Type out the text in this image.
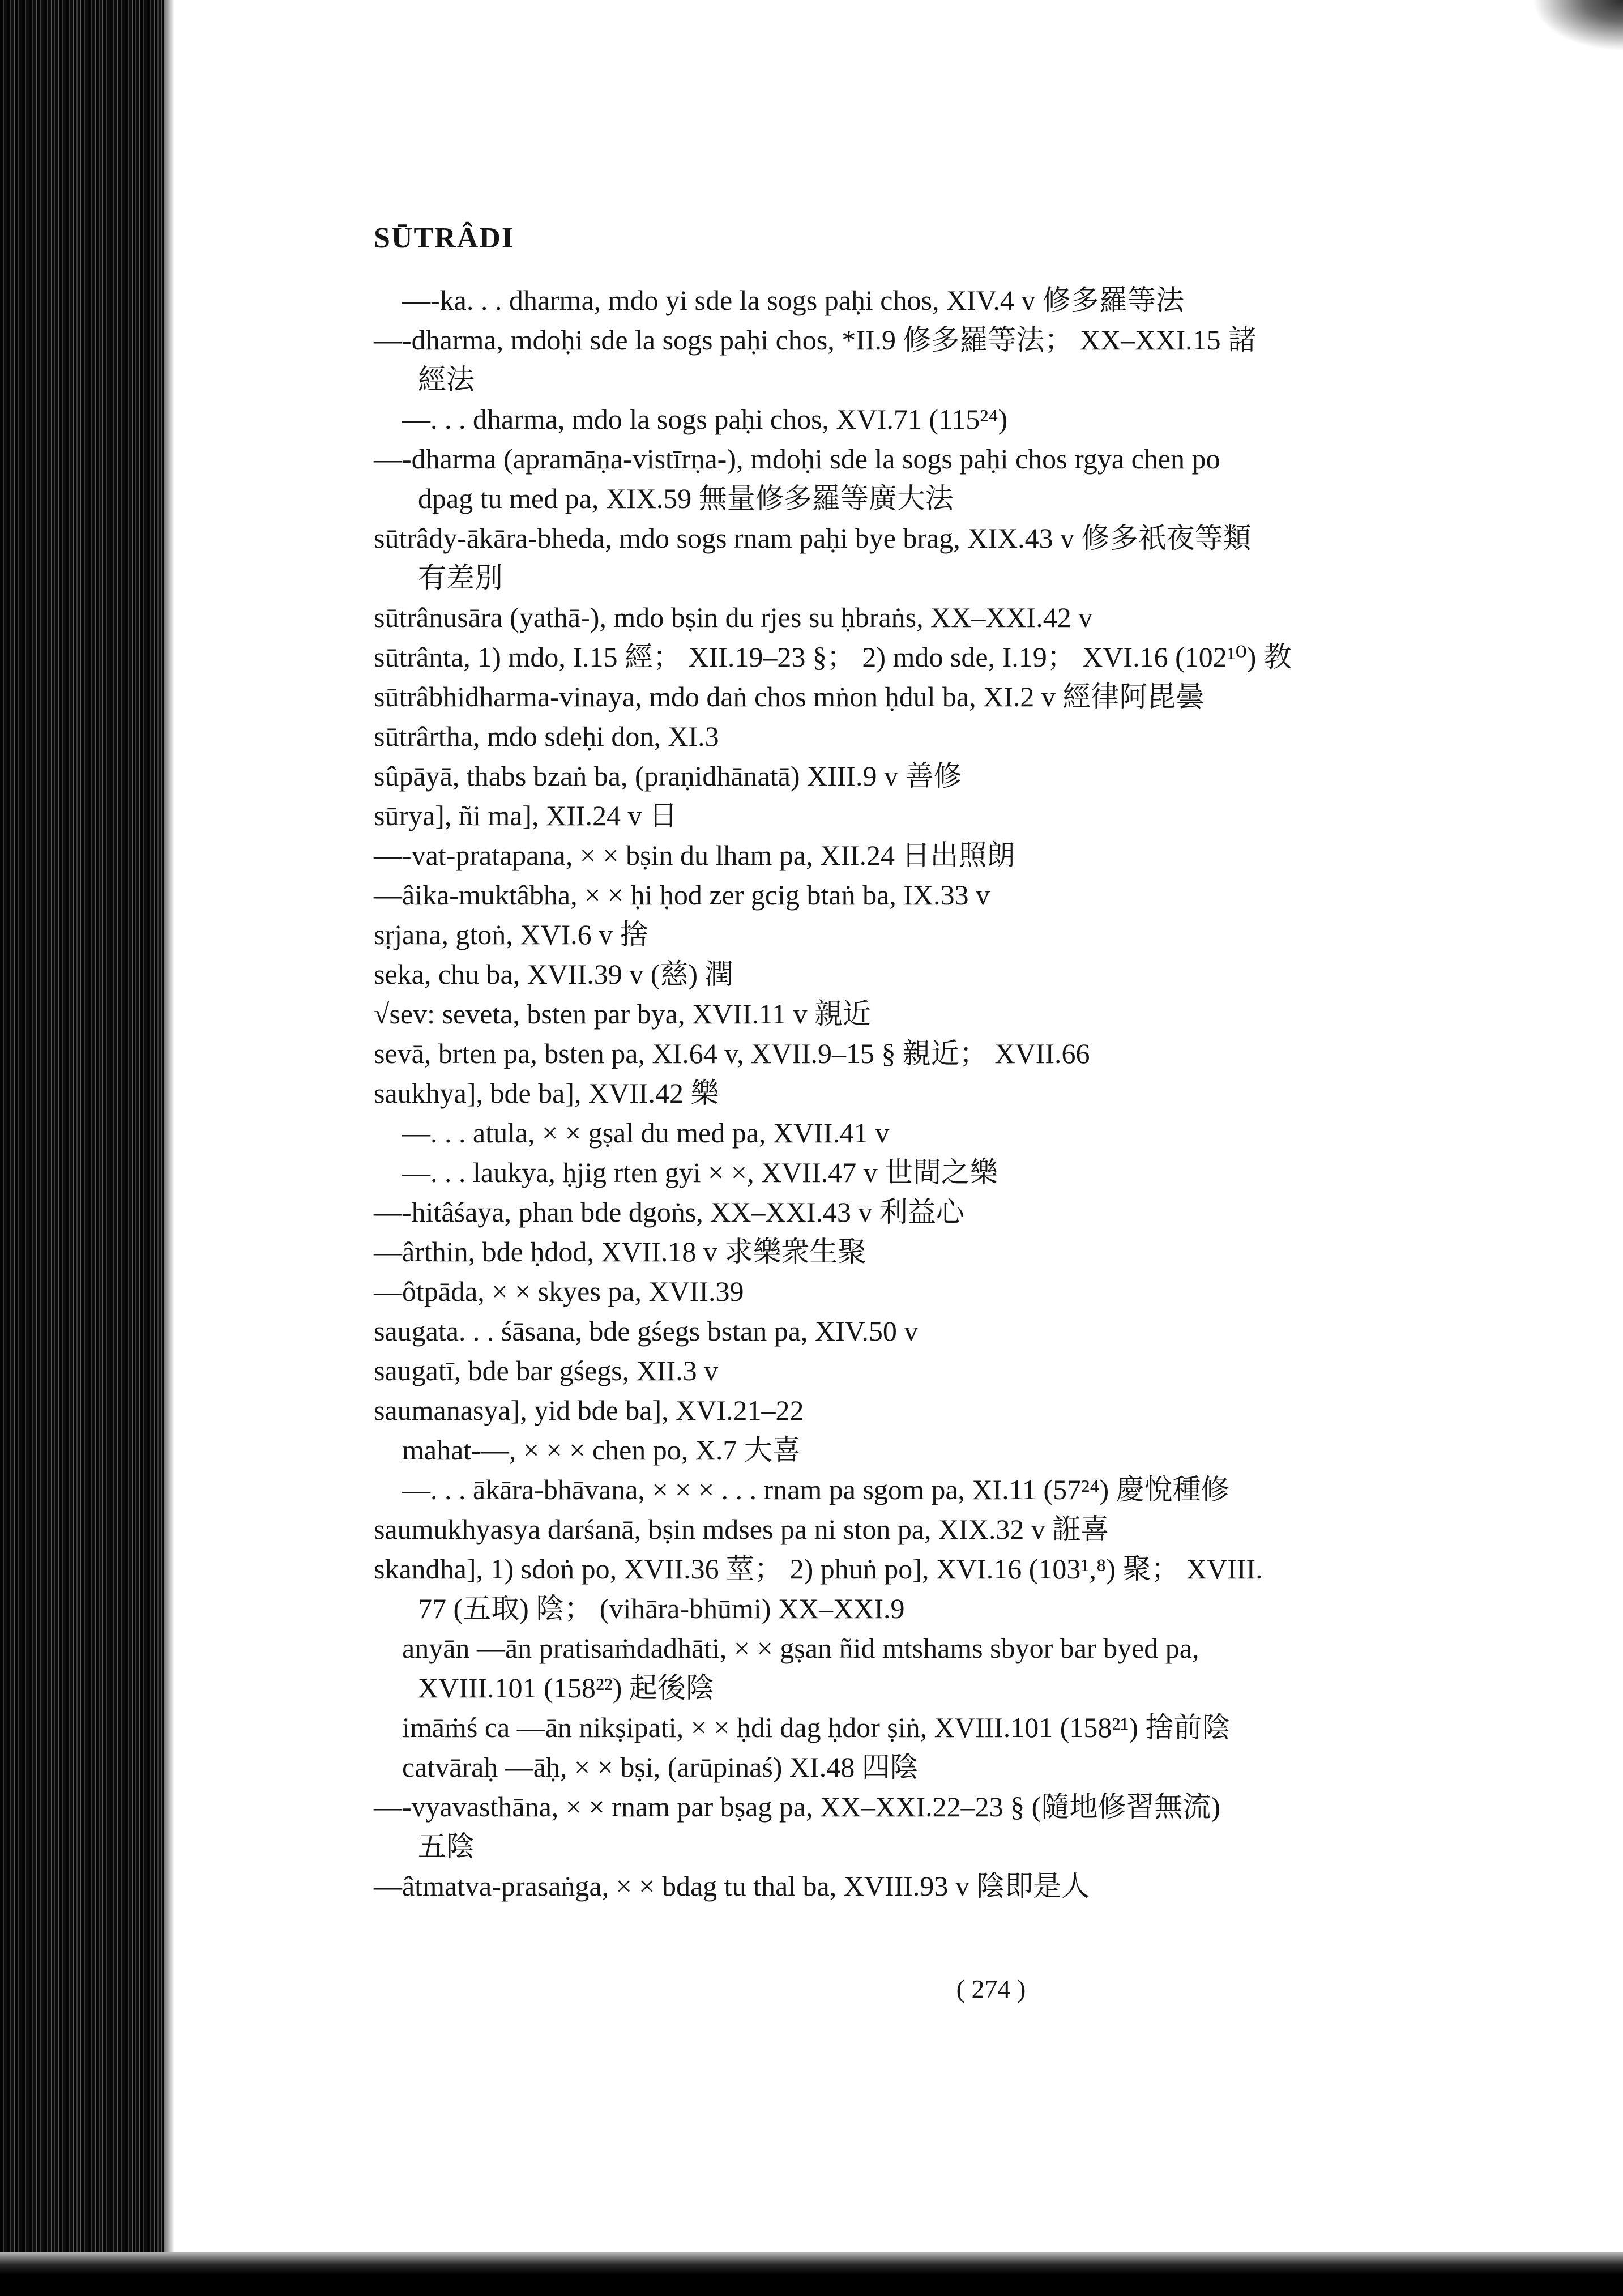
SŪTRÂDI
—-ka. . . dharma, mdo yi sde la sogs paḥi chos, XIV.4 v 修多羅等法
—-dharma, mdoḥi sde la sogs paḥi chos, *II.9 修多羅等法； XX–XXI.15 諸
經法
—. . . dharma, mdo la sogs paḥi chos, XVI.71 (115²⁴)
—-dharma (apramāṇa-vistīrṇa-), mdoḥi sde la sogs paḥi chos rgya chen po
dpag tu med pa, XIX.59 無量修多羅等廣大法
sūtrâdy-ākāra-bheda, mdo sogs rnam paḥi bye brag, XIX.43 v 修多祇夜等類
有差別
sūtrânusāra (yathā-), mdo bṣin du rjes su ḥbraṅs, XX–XXI.42 v
sūtrânta, 1) mdo, I.15 經； XII.19–23 §； 2) mdo sde, I.19； XVI.16 (102¹⁰) 教
sūtrâbhidharma-vinaya, mdo daṅ chos mṅon ḥdul ba, XI.2 v 經律阿毘曇
sūtrârtha, mdo sdeḥi don, XI.3
sûpāyā, thabs bzaṅ ba, (praṇidhānatā) XIII.9 v 善修
sūrya], ñi ma], XII.24 v 日
—-vat-pratapana, × × bṣin du lham pa, XII.24 日出照朗
—âika-muktâbha, × × ḥi ḥod zer gcig btaṅ ba, IX.33 v
sṛjana, gtoṅ, XVI.6 v 捨
seka, chu ba, XVII.39 v (慈) 潤
√sev: seveta, bsten par bya, XVII.11 v 親近
sevā, brten pa, bsten pa, XI.64 v, XVII.9–15 § 親近； XVII.66
saukhya], bde ba], XVII.42 樂
—. . . atula, × × gṣal du med pa, XVII.41 v
—. . . laukya, ḥjig rten gyi × ×, XVII.47 v 世間之樂
—-hitâśaya, phan bde dgoṅs, XX–XXI.43 v 利益心
—ârthin, bde ḥdod, XVII.18 v 求樂衆生聚
—ôtpāda, × × skyes pa, XVII.39
saugata. . . śāsana, bde gśegs bstan pa, XIV.50 v
saugatī, bde bar gśegs, XII.3 v
saumanasya], yid bde ba], XVI.21–22
mahat-—, × × × chen po, X.7 大喜
—. . . ākāra-bhāvana, × × × . . . rnam pa sgom pa, XI.11 (57²⁴) 慶悅種修
saumukhyasya darśanā, bṣin mdses pa ni ston pa, XIX.32 v 誑喜
skandha], 1) sdoṅ po, XVII.36 莖； 2) phuṅ po], XVI.16 (103¹,⁸) 聚； XVIII.
77 (五取) 陰； (vihāra-bhūmi) XX–XXI.9
anyān —ān pratisaṁdadhāti, × × gṣan ñid mtshams sbyor bar byed pa,
XVIII.101 (158²²) 起後陰
imāṁś ca —ān nikṣipati, × × ḥdi dag ḥdor ṣiṅ, XVIII.101 (158²¹) 捨前陰
catvāraḥ —āḥ, × × bṣi, (arūpinaś) XI.48 四陰
—-vyavasthāna, × × rnam par bṣag pa, XX–XXI.22–23 § (隨地修習無流)
五陰
—âtmatva-prasaṅga, × × bdag tu thal ba, XVIII.93 v 陰即是人
( 274 )
